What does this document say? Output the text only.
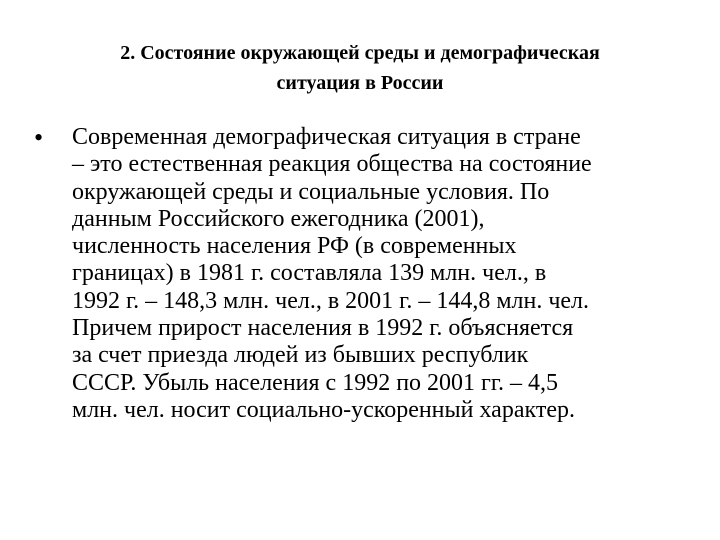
2. Состояние окружающей среды и демографическая
ситуация в России
• Современная демографическая ситуация в стране
– это естественная реакция общества на состояние
окружающей среды и социальные условия. По
данным Российского ежегодника (2001),
численность населения РФ (в современных
границах) в 1981 г. составляла 139 млн. чел., в
1992 г. – 148,3 млн. чел., в 2001 г. – 144,8 млн. чел.
Причем прирост населения в 1992 г. объясняется
за счет приезда людей из бывших республик
СССР. Убыль населения с 1992 по 2001 гг. – 4,5
млн. чел. носит социально-ускоренный характер.
